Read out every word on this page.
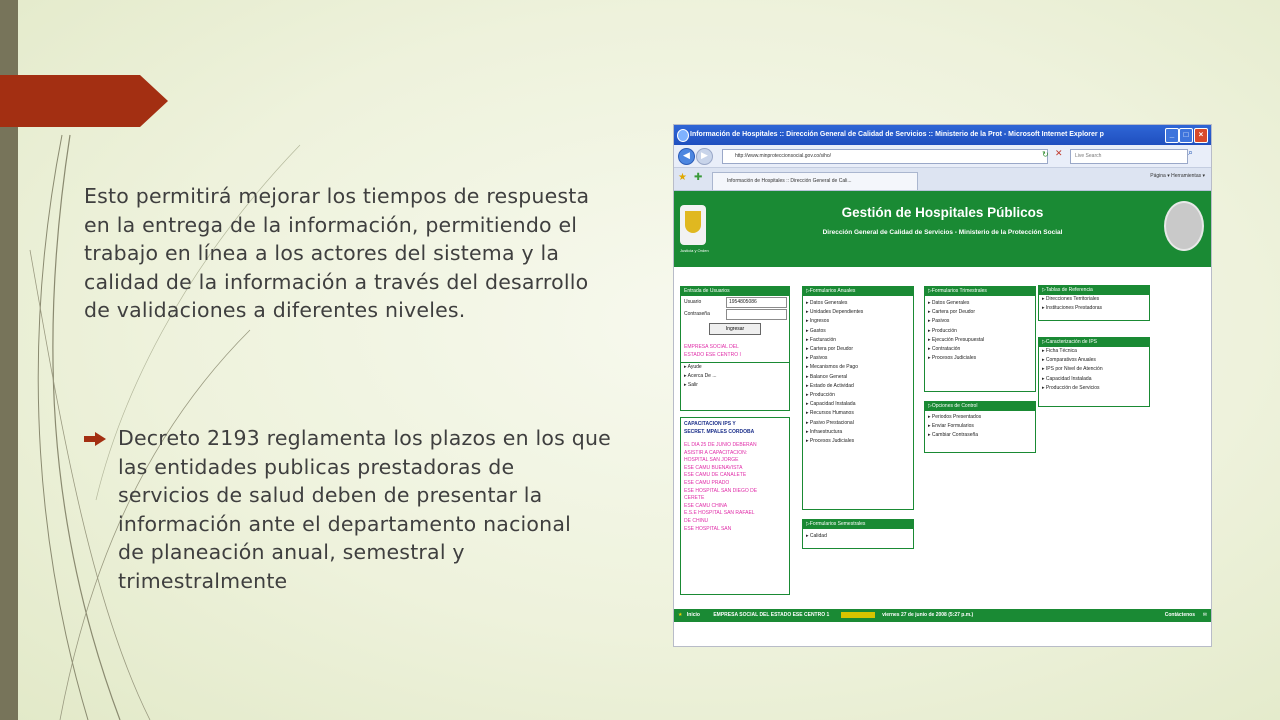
Esto permitirá mejorar los tiempos de respuesta
en la entrega de la información, permitiendo el
trabajo en línea a los actores del sistema y la
calidad de la información a través del desarrollo
de validaciones a diferentes niveles.
Decreto 2193 reglamenta los plazos en los que
las entidades publicas prestadoras de
servicios de salud deben de presentar la
información ante el departamento nacional
de planeación anual, semestral y
trimestralmente
Información de Hospitales :: Dirección General de Calidad de Servicios :: Ministerio de la Prot - Microsoft Internet Explorer p	_	□	×
◀	▶	http://www.minproteccionsocial.gov.co/siho/	↻ ✕	Live Search	⌕
★ ✚	Información de Hospitales :: Dirección General de Cali...
Página ▾ Herramientas ▾
Justicia y Orden
Gestión de Hospitales Públicos
Dirección General de Calidad de Servicios - Ministerio de la Protección Social
Entrada de Usuarios
Usuario	1954805086
Contraseña
Ingresar
EMPRESA SOCIAL DEL
ESTADO ESE CENTRO I
▸ Ayude
▸ Acerca De ...
▸ Salir
CAPACITACION IPS Y
SECRET. MPALES CORDOBA
EL DIA 25 DE JUNIO DEBERAN
ASISTIR A CAPACITACION:
HOSPITAL SAN JORGE
ESE CAMU BUENAVISTA
ESE CAMU DE CANALETE
ESE CAMU PRADO
ESE HOSPITAL SAN DIEGO DE
CERETE
ESE CAMU CHINA
E.S.E HOSPITAL SAN RAFAEL
DE CHINU
ESE HOSPITAL SAN
▷Formularios Anuales
▸ Datos Generales
▸ Unidades Dependientes
▸ Ingresos
▸ Gastos
▸ Facturación
▸ Cartera por Deudor
▸ Pasivos
▸ Mecanismos de Pago
▸ Balance General
▸ Estado de Actividad
▸ Producción
▸ Capacidad Instalada
▸ Recursos Humanos
▸ Pasivo Prestacional
▸ Infraestructura
▸ Procesos Judiciales
▷Formularios Semestrales
▸ Calidad
▷Formularios Trimestrales
▸ Datos Generales
▸ Cartera por Deudor
▸ Pasivos
▸ Producción
▸ Ejecución Presupuestal
▸ Contratación
▸ Procesos Judiciales
▷Opciones de Control
▸ Periodos Presentados
▸ Enviar Formularios
▸ Cambiar Contraseña
▷Tablas de Referencia
▸ Direcciones Territoriales
▸ Instituciones Prestadoras
▷Caracterización de IPS
▸ Ficha Técnica
▸ Comparativos Anuales
▸ IPS por Nivel de Atención
▸ Capacidad Instalada
▸ Producción de Servicios
★ Inicio	EMPRESA SOCIAL DEL ESTADO ESE CENTRO 1	viernes 27 de junio de 2008 (5:27 p.m.)	Contáctenos ✉
